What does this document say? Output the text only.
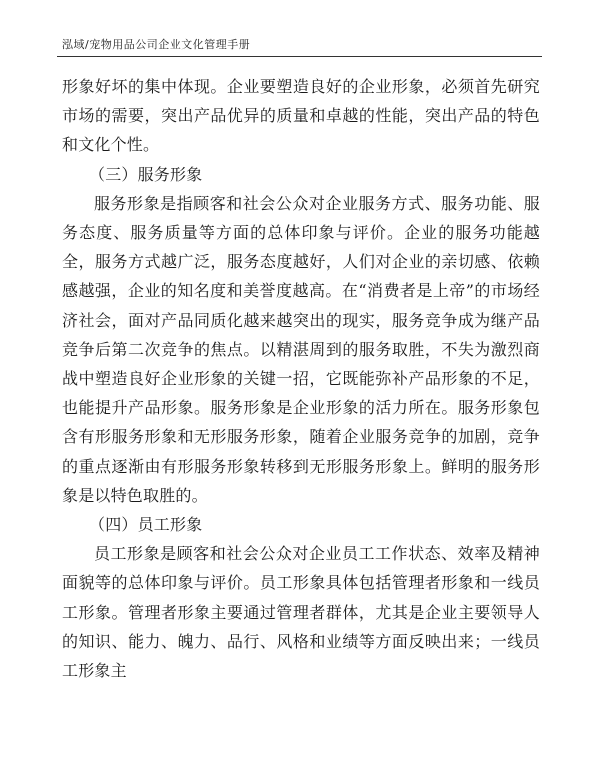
泓域/宠物用品公司企业文化管理手册

形象好坏的集中体现。企业要塑造良好的企业形象，必须首先研究市场的需要，突出产品优异的质量和卓越的性能，突出产品的特色和文化个性。

（三）服务形象

服务形象是指顾客和社会公众对企业服务方式、服务功能、服务态度、服务质量等方面的总体印象与评价。企业的服务功能越全，服务方式越广泛，服务态度越好，人们对企业的亲切感、依赖感越强，企业的知名度和美誉度越高。在“消费者是上帝”的市场经济社会，面对产品同质化越来越突出的现实，服务竞争成为继产品竞争后第二次竞争的焦点。以精湛周到的服务取胜，不失为激烈商战中塑造良好企业形象的关键一招，它既能弥补产品形象的不足，也能提升产品形象。服务形象是企业形象的活力所在。服务形象包含有形服务形象和无形服务形象，随着企业服务竞争的加剧，竞争的重点逐渐由有形服务形象转移到无形服务形象上。鲜明的服务形象是以特色取胜的。

（四）员工形象

员工形象是顾客和社会公众对企业员工工作状态、效率及精神面貌等的总体印象与评价。员工形象具体包括管理者形象和一线员工形象。管理者形象主要通过管理者群体，尤其是企业主要领导人的知识、能力、魄力、品行、风格和业绩等方面反映出来；一线员工形象主
